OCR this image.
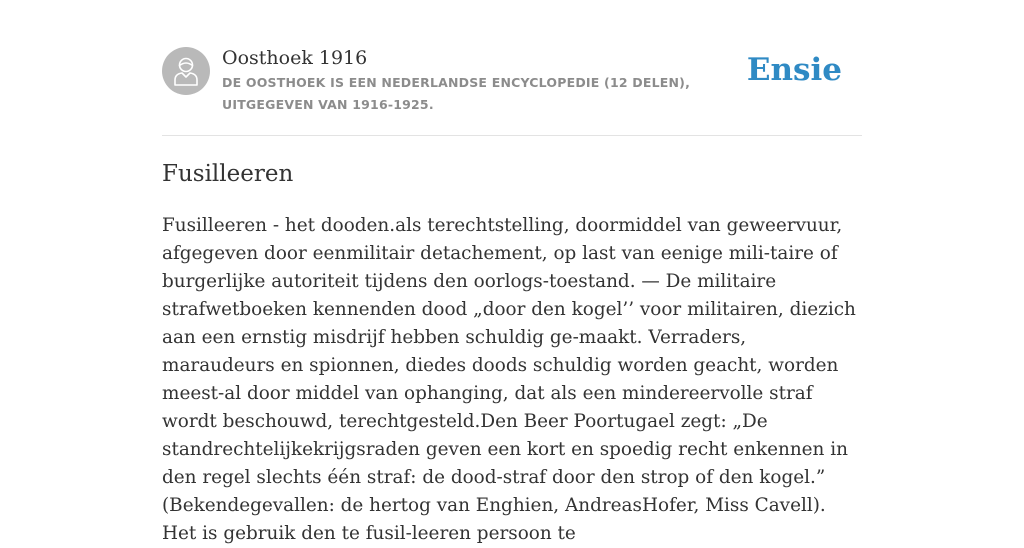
Oosthoek 1916
DE OOSTHOEK IS EEN NEDERLANDSE ENCYCLOPEDIE (12 DELEN), UITGEGEVEN VAN 1916-1925.
Ensie
Fusilleeren

Fusilleeren - het dooden.als terechtstelling, doormiddel van geweervuur, afgegeven door eenmilitair detachement, op last van eenige mili-taire of burgerlijke autoriteit tijdens den oorlogs-toestand. — De militaire strafwetboeken kennenden dood „door den kogel’’ voor militairen, diezich aan een ernstig misdrijf hebben schuldig ge-maakt. Verraders, maraudeurs en spionnen, diedes doods schuldig worden geacht, worden meest-al door middel van ophanging, dat als een mindereervolle straf wordt beschouwd, terechtgesteld.Den Beer Poortugael zegt: „De standrechtelijkekrijgsraden geven een kort en spoedig recht enkennen in den regel slechts één straf: de dood-straf door den strop of den kogel.” (Bekendegevallen: de hertog van Enghien, AndreasHofer, Miss Cavell). Het is gebruik den te fusil-leeren persoon te
